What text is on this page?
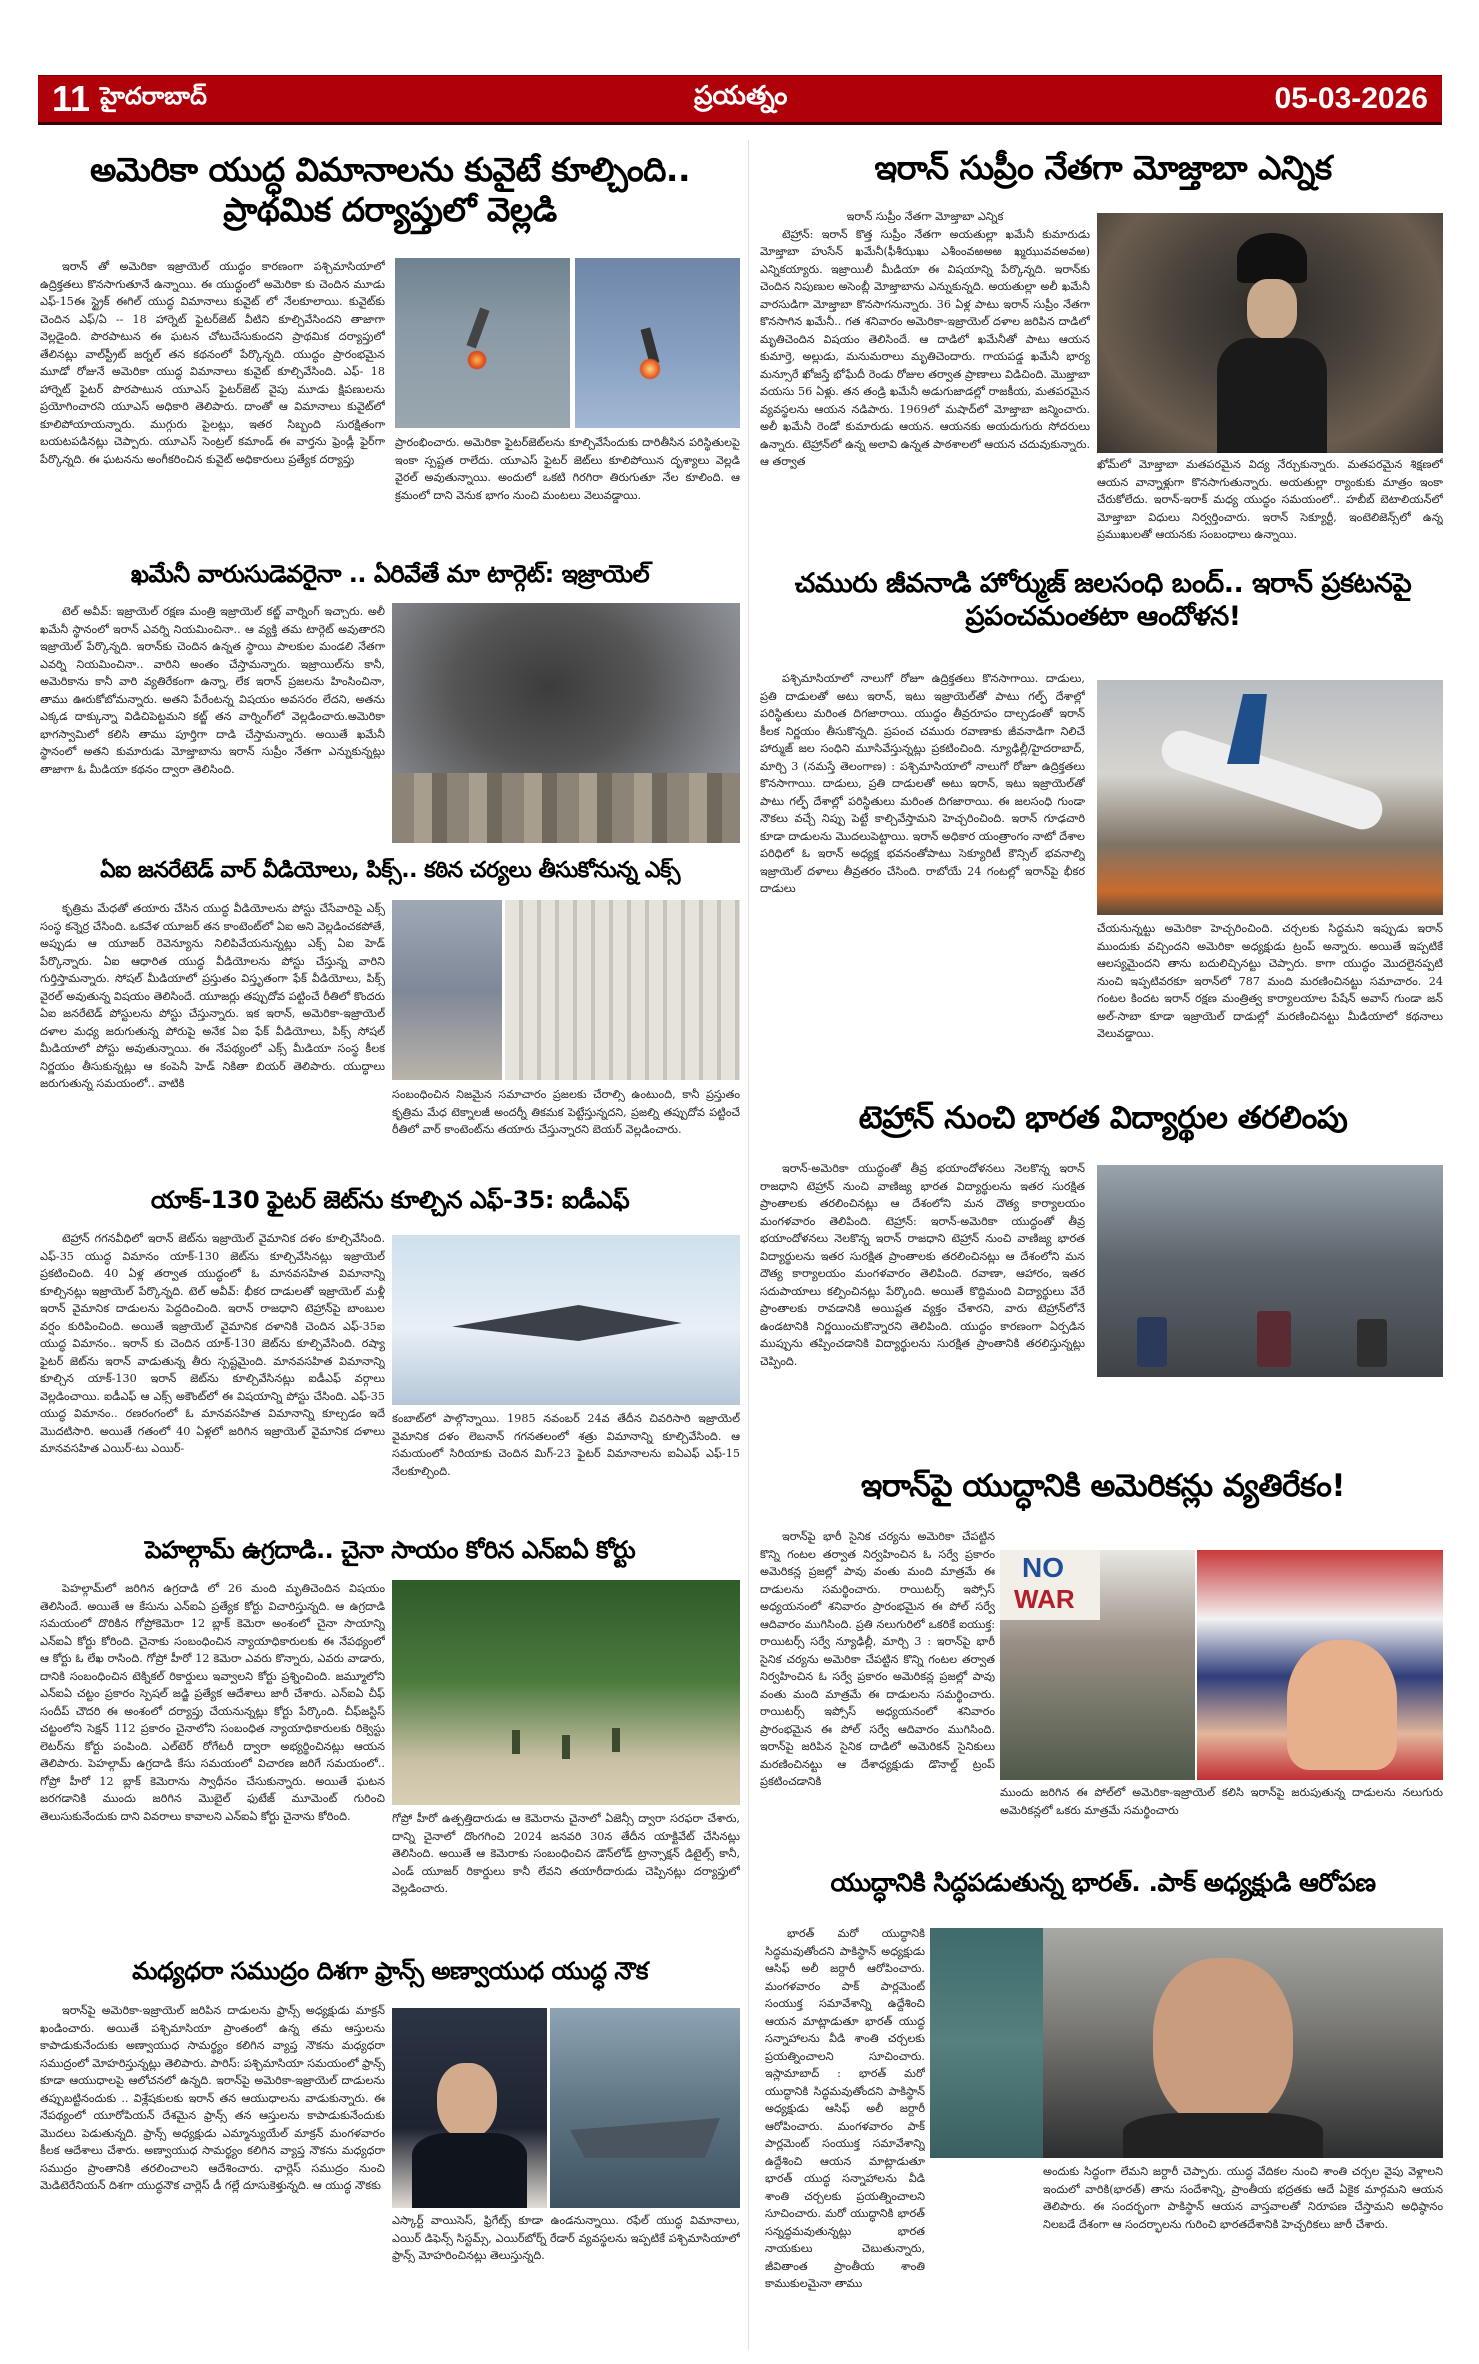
11 హైదరాబాద్	ప్రయత్నం	05-03-2026
అమెరికా యుద్ధ విమానాలను కువైటే కూల్చింది.. ప్రాథమిక దర్యాప్తులో వెల్లడి

ఇరాన్ తో అమెరికా ఇజ్రాయెల్ యుద్ధం కారణంగా పశ్చిమాసియాలో ఉద్రిక్తతలు కొనసాగుతూనే ఉన్నాయి. ఈ యుద్ధంలో అమెరికా కు చెందిన మూడు ఎఫ్-15ఈ స్ట్రైక్ ఈగిల్ యుద్ధ విమానాలు కువైట్ లో నేలకూలాయి. కువైట్‌కు చెందిన ఎఫ్/ఏ -- 18 హార్నెట్ ఫైటర్‌జెట్ వీటిని కూల్చివేసిందని తాజాగా వెల్లడైంది. పొరపాటున ఈ ఘటన చోటుచేసుకుందని ప్రాథమిక దర్యాప్తులో తేలినట్లు వాల్‌స్ట్రీట్ జర్నల్ తన కథనంలో పేర్కొన్నది. యుద్ధం ప్రారంభమైన మూడో రోజునే అమెరికా యుద్ధ విమానాలు కువైట్ కూల్చివేసింది. ఎఫ్- 18 హార్నెట్ ఫైటర్ పొరపాటున యూఎస్ ఫైటర్‌జెట్ వైపు మూడు క్షిపణులను ప్రయోగించారని యూఎస్ అధికారి తెలిపారు. దాంతో ఆ విమానాలు కువైట్‌లో కూలిపోయాయన్నారు. ముగ్గురు పైలట్లు, ఇతర సిబ్బంది సురక్షితంగా బయటపడినట్లు చెప్పారు. యూఎస్ సెంట్రల్ కమాండ్ ఈ వార్తను ఫ్రెండ్లీ ఫైర్‌గా పేర్కొన్నది. ఈ ఘటనను అంగీకరించిన కువైట్ అధికారులు ప్రత్యేక దర్యాప్తు

ప్రారంభించారు. అమెరికా ఫైటర్‌జెట్‌లను కూల్చివేసేందుకు దారితీసిన పరిస్థితులపై ఇంకా స్పష్టత రాలేదు. యూఎస్ ఫైటర్ జెట్‌లు కూలిపోయిన దృశ్యాలు వెల్లడి వైరల్ అవుతున్నాయి. అందులో ఒకటి గిరగిరా తిరుగుతూ నేల కూలింది. ఆ క్రమంలో దాని వెనుక భాగం నుంచి మంటలు వెలువడ్డాయి.
ఇరాన్ సుప్రీం నేతగా మోజ్తాబా ఎన్నిక
ఇరాన్ సుప్రీం నేతగా మోజ్తాబా ఎన్నిక

టెహ్రాన్: ఇరాన్ కొత్త సుప్రీం నేతగా అయతుల్లా ఖమేనీ కుమారుడు మోజ్తాబా హుసేన్ ఖమేనీ(ఫీశీఝఖు ఎశీంంవఱఅఱ ఖ్మఝువవఅవఱ) ఎన్నికయ్యారు. ఇజ్రాయిలీ మీడియా ఈ విషయాన్ని పేర్కొన్నది. ఇరాన్‌కు చెందిన నిపుణుల అసెంబ్లీ మోజ్తాబాను ఎన్నుకున్నది. అయతుల్లా అలీ ఖమేనీ వారసుడిగా మోజ్తాబా కొనసాగనున్నారు. 36 ఏళ్ల పాటు ఇరాన్ సుప్రీం నేతగా కొనసాగిన ఖమేనీ.. గత శనివారం అమెరికా-ఇజ్రాయెల్ దళాల జరిపిన దాడిలో మృతిచెందిన విషయం తెలిసిందే. ఆ దాడిలో ఖమేనీతో పాటు ఆయన కుమార్తె, అల్లుడు, మనుమరాలు మృతిచెందారు. గాయపడ్డ ఖమేనీ భార్య మన్సూరే ఖోజస్తే భోఘేదీ రెండు రోజుల తర్వాత ప్రాణాలు విడిచింది. మొజ్తాబా వయసు 56 ఏళ్లు. తన తండ్రి ఖమేనీ అడుగుజాడల్లో రాజకీయ, మతపరమైన వ్యవస్థలను ఆయన నడిపారు. 1969లో మషాద్‌లో మోజ్తాబా జన్మించారు. అలీ ఖమేనీ రెండో కుమారుడు ఆయన. ఆయనకు అయదుగురు సోదరులు ఉన్నారు. టెహ్రాన్‌లో ఉన్న అలావి ఉన్నత పాఠశాలలో ఆయన చదువుకున్నారు. ఆ తర్వాత	ఖోమ్‌లో మోజ్తాబా మతపరమైన విద్య నేర్చుకున్నారు. మతపరమైన శిక్షణలో ఆయన వాన్నాళ్లుగా కొనసాగుతున్నారు. అయతుల్లా ర్యాంకుకు మాత్రం ఇంకా చేరుకోలేదు. ఇరాన్-ఇరాక్ మధ్య యుద్ధం సమయంలో.. హబీబ్ బెటాలియన్‌లో మోజ్తాబా విధులు నిర్వర్తించారు. ఇరాన్ సెక్యూర్టీ, ఇంటెలిజెన్స్‌లో ఉన్న ప్రముఖులతో ఆయనకు సంబంధాలు ఉన్నాయి.
ఖమేనీ వారుసుడెవరైనా .. ఏరివేతే మా టార్గెట్: ఇజ్రాయెల్

టెల్ అవీవ్: ఇజ్రాయెల్ రక్షణ మంత్రి ఇజ్రాయెల్ కట్జ్ వార్నింగ్ ఇచ్చారు. అలీ ఖమేనీ స్థానంలో ఇరాన్ ఎవర్ని నియమించినా.. ఆ వ్యక్తి తమ టార్గెట్ అవుతారని ఇజ్రాయెల్ పేర్కొన్నది. ఇరాన్‌కు చెందిన ఉన్నత స్థాయి పాలకుల మండలి నేతగా ఎవర్ని నియమించినా.. వారిని అంతం చేస్తామన్నారు. ఇజ్రాయిల్‌ను కానీ, అమెరికాను కానీ వారి వ్యతిరేకంగా ఉన్నా, లేక ఇరాన్ ప్రజలను హింసించినా, తాము ఊరుకోబోమన్నారు. అతని పేరేంటన్న విషయం అవసరం లేదని, అతను ఎక్కడ దాక్కున్నా విడిచిపెట్టమని కట్జ్ తన వార్నింగ్‌లో వెల్లడించారు.అమెరికా భాగస్వామిలో కలిసి తాము పూర్తిగా దాడి చేస్తామన్నారు. అయితే ఖమేనీ స్థానంలో అతని కుమారుడు మోజ్తాబాను ఇరాన్ సుప్రీం నేతగా ఎన్నుకున్నట్లు తాజాగా ఓ మీడియా కథనం ద్వారా తెలిసింది.

చమురు జీవనాడి హోర్ముజ్ జలసంధి బంద్.. ఇరాన్ ప్రకటనపై ప్రపంచమంతటా ఆందోళన!

పశ్చిమాసియాలో నాలుగో రోజూ ఉద్రిక్తతలు కొనసాగాయి. దాడులు, ప్రతి దాడులతో అటు ఇరాన్, ఇటు ఇజ్రాయెల్‌తో పాటు గల్ఫ్ దేశాల్లో పరిస్థితులు మరింత దిగజారాయి. యుద్ధం తీవ్రరూపం దాల్చడంతో ఇరాన్ కీలక నిర్ణయం తీసుకొన్నది. ప్రపంచ చమురు రవాణాకు జీవనాడిగా నిలిచే హార్ముజ్ జల సంధిని మూసివేస్తున్నట్లు ప్రకటించింది. న్యూఢిల్లీ/హైదరాబాద్, మార్చి 3 (నమస్తే తెలంగాణ) : పశ్చిమాసియాలో నాలుగో రోజూ ఉద్రిక్తతలు కొనసాగాయి. దాడులు, ప్రతి దాడులతో అటు ఇరాన్, ఇటు ఇజ్రాయెల్‌తో పాటు గల్ఫ్ దేశాల్లో పరిస్థితులు మరింత దిగజారాయి. ఈ జలసంధి గుండా నౌకలు వచ్చే నిప్పు పెట్టే కాల్చివేస్తామని హెచ్చరించింది. ఇరాన్ గూఢచారి కూడా దాడులను మొదలుపెట్టాయి. ఇరాన్ అధికార యంత్రాంగం నాటో దేశాల పరిధిలో ఓ ఇరాన్ అధ్యక్ష భవనంతోపాటు సెక్యూరిటీ కౌన్సిల్ భవనాల్ని ఇజ్రాయెల్ దళాలు తీవ్రతరం చేసింది. రాబోయే 24 గంటల్లో ఇరాన్‌పై భీకర దాడులు

చేయనున్నట్టు అమెరికా హెచ్చరించింది. చర్చలకు సిద్ధమని ఇప్పుడు ఇరాన్ ముందుకు వచ్చిందని అమెరికా అధ్యక్షుడు ట్రంప్ అన్నారు. అయితే ఇప్పటికే ఆలస్యమైందని తాను బదులిచ్చినట్టు చెప్పారు. కాగా యుద్ధం మొదలైనప్పటి నుంచి ఇప్పటివరకూ ఇరాన్‌లో 787 మంది మరణించినట్టు సమాచారం. 24 గంటల కిందట ఇరాన్ రక్షణ మంత్రిత్వ కార్యాలయాల పేషేన్ అవాస్ గుండా జన్ అల్-సాబా కూడా ఇజ్రాయెల్ దాడుల్లో మరణించినట్టు మీడియాలో కథనాలు వెలువడ్డాయి.
ఏఐ జనరేటెడ్ వార్ వీడియోలు, పిక్స్.. కఠిన చర్యలు తీసుకోనున్న ఎక్స్

కృత్రిమ మేధతో తయారు చేసిన యుద్ధ వీడియోలను పోస్టు చేసేవారిపై ఎక్స్ సంస్థ కన్నెర్ర చేసింది. ఒకవేళ యూజర్ తన కాంటెంట్‌లో ఏఐ అని వెల్లడించకపోతే, అప్పుడు ఆ యూజర్ రెవెన్యూను నిలిపివేయనున్నట్లు ఎక్స్ ఏఐ హెడ్ పేర్కొన్నారు. ఏఐ ఆధారిత యుద్ధ వీడియోలను పోస్టు చేస్తున్న వారిని గుర్తిస్తామన్నారు. సోషల్ మీడియాలో ప్రస్తుతం విస్తృతంగా ఫేక్ వీడియోలు, పిక్స్ వైరల్ అవుతున్న విషయం తెలిసిందే. యూజర్లు తప్పుదోవ పట్టించే రీతిలో కొందరు ఏఐ జనరేటెడ్ పోస్టులను పోస్టు చేస్తున్నారు. ఇక ఇరాన్, అమెరికా-ఇజ్రాయెల్ దళాల మధ్య జరుగుతున్న పోరుపై అనేక ఏఐ ఫేక్ వీడియోలు, పిక్స్ సోషల్ మీడియాలో పోస్టు అవుతున్నాయి. ఈ నేపథ్యంలో ఎక్స్ మీడియా సంస్థ కీలక నిర్ణయం తీసుకున్నట్లు ఆ కంపెనీ హెడ్ నికితా బియర్ తెలిపారు. యుద్ధాలు జరుగుతున్న సమయంలో.. వాటికి

సంబంధించిన నిజమైన సమాచారం ప్రజలకు చేరాల్సి ఉంటుంది, కానీ ప్రస్తుతం కృత్రిమ మేధ టెక్నాలజీ అందర్నీ తికమక పెట్టేస్తున్నదని, ప్రజల్ని తప్పుదోవ పట్టించే రీతిలో వార్ కాంటెంట్‌ను తయారు చేస్తున్నారని బెయర్ వెల్లడించారు.	టెహ్రాన్ నుంచి భారత విద్యార్థుల తరలింపు

ఇరాన్-అమెరికా యుద్ధంతో తీవ్ర భయాందోళనలు నెలకొన్న ఇరాన్ రాజధాని టెహ్రాన్ నుంచి వాణిజ్య భారత విద్యార్థులను ఇతర సురక్షిత ప్రాంతాలకు తరలించినట్లు ఆ దేశంలోని మన దౌత్య కార్యాలయం మంగళవారం తెలిపింది. టెహ్రాన్: ఇరాన్-అమెరికా యుద్ధంతో తీవ్ర భయాందోళనలు నెలకొన్న ఇరాన్ రాజధాని టెహ్రాన్ నుంచి వాణిజ్య భారత విద్యార్థులను ఇతర సురక్షిత ప్రాంతాలకు తరలించినట్లు ఆ దేశంలోని మన దౌత్య కార్యాలయం మంగళవారం తెలిపింది. రవాణా, ఆహారం, ఇతర సదుపాయాలు కల్పించినట్లు పేర్కొంది. అయితే కొద్దిమంది విద్యార్థులు వేరే ప్రాంతాలకు రావడానికి అయిష్టత వ్యక్తం చేశారని, వారు టెహ్రాన్‌లోనే ఉండటానికి నిర్ణయించుకొన్నారని తెలిపింది. యుద్ధం కారణంగా ఏర్పడిన ముప్పును తప్పించడానికి విద్యార్థులను సురక్షిత ప్రాంతానికి తరలిస్తున్నట్లు చెప్పింది.

యాక్-130 ఫైటర్ జెట్‌ను కూల్చిన ఎఫ్-35: ఐడీఎఫ్

టెహ్రాన్ గగనవీధిలో ఇరాన్ జెట్‌ను ఇజ్రాయెల్ వైమానిక దళం కూల్చివేసింది. ఎఫ్-35 యుద్ధ విమానం యాక్-130 జెట్‌ను కూల్చివేసినట్లు ఇజ్రాయెల్ ప్రకటించింది. 40 ఏళ్ల తర్వాత యుద్ధంలో ఓ మానవసహిత విమానాన్ని కూల్చినట్లు ఇజ్రాయెల్ పేర్కొన్నది. టెల్ అవీవ్: భీకర దాడులతో ఇజ్రాయెల్ మళ్లీ ఇరాన్ వైమానిక దాడులను పెద్దదించింది. ఇరాన్ రాజధాని టెహ్రాన్‌పై బాంబుల వర్షం కురిపించింది. అయితే ఇజ్రాయెల్ వైమానిక దళానికి చెందిన ఎఫ్-35ఐ యుద్ధ విమానం.. ఇరాన్ కు చెందిన యాక్-130 జెట్‌ను కూల్చివేసింది. రష్యా ఫైటర్ జెట్‌ను ఇరాన్ వాడుతున్న తీరు స్పష్టమైంది. మానవసహిత విమానాన్ని కూల్చిన యాక్-130 ఇరాన్ జెట్‌ను కూల్చివేసినట్లు ఐడీఎఫ్ వర్గాలు వెల్లడించాయి. ఐడీఎఫ్ ఆ ఎక్స్ అకౌంట్‌లో ఈ విషయాన్ని పోస్టు చేసింది. ఎఫ్-35 యుద్ధ విమానం.. రణరంగంలో ఓ మానవసహిత విమానాన్ని కూల్చడం ఇదే మొదటిసారి. అయితే గతంలో 40 ఏళ్లలో జరిగిన ఇజ్రాయెల్ వైమానిక దళాలు మానవసహిత ఎయిర్-టు ఎయిర్-

కంబాట్‌లో పాల్గొన్నాయి. 1985 నవంబర్ 24వ తేదీన చివరిసారి ఇజ్రాయెల్ వైమానిక దళం లెబనాన్ గగనతలంలో శత్రు విమానాన్ని కూల్చివేసింది. ఆ సమయంలో సిరియాకు చెందిన మిగ్-23 ఫైటర్ విమానాలను ఐఏఎఫ్ ఎఫ్-15 నేలకూల్చింది.	ఇరాన్‌పై యుద్ధానికి అమెరికన్లు వ్యతిరేకం!

ఇరాన్‌పై భారీ సైనిక చర్యను అమెరికా చేపట్టిన కొన్ని గంటల తర్వాత నిర్వహించిన ఓ సర్వే ప్రకారం అమెరికన్ల ప్రజల్లో పావు వంతు మంది మాత్రమే ఈ దాడులను సమర్థించారు. రాయిటర్స్ ఇప్సోస్ అధ్యయనంలో శనివారం ప్రారంభమైన ఈ పోల్ సర్వే ఆదివారం ముగిసింది. ప్రతి నలుగురిలో ఒకరికే ఐయుక్త: రాయిటర్స్ సర్వే న్యూఢిల్లీ, మార్చి 3 : ఇరాన్‌పై భారీ సైనిక చర్యను అమెరికా చేపట్టిన కొన్ని గంటల తర్వాత నిర్వహించిన ఓ సర్వే ప్రకారం అమెరికన్ల ప్రజల్లో పావు వంతు మంది మాత్రమే ఈ దాడులను సమర్థించారు. రాయిటర్స్ ఇప్సోస్ అధ్యయనంలో శనివారం ప్రారంభమైన ఈ పోల్ సర్వే ఆదివారం ముగిసింది. ఇరాన్‌పై జరిపిన సైనిక దాడిలో అమెరికన్ సైనికులు మరణించినట్టు ఆ దేశాధ్యక్షుడు డొనాల్డ్ ట్రంప్ ప్రకటించడానికి

NO
WAR
ముందు జరిగిన ఈ పోల్‌లో అమెరికా-ఇజ్రాయెల్ కలిసి ఇరాన్‌పై జరుపుతున్న దాడులను నలుగురు అమెరికన్లలో ఒకరు మాత్రమే సమర్థించారు
పెహల్గామ్ ఉగ్రదాడి.. చైనా సాయం కోరిన ఎన్ఐఏ కోర్టు

పెహల్గామ్‌లో జరిగిన ఉగ్రదాడి లో 26 మంది మృతిచెందిన విషయం తెలిసిందే. అయితే ఆ కేసును ఎన్ఐఏ ప్రత్యేక కోర్టు విచారిస్తున్నది. ఆ ఉగ్రదాడి సమయంలో దొరికిన గోప్రోకెమెరా 12 బ్లాక్ కెమెరా అంశంలో చైనా సాయాన్ని ఎన్ఐఏ కోర్టు కోరింది. చైనాకు సంబంధించిన న్యాయాధికారులకు ఈ నేపథ్యంలో ఆ కోర్టు ఓ లేఖ రాసింది. గోప్రో హీరో 12 కెమెరా ఎవరు కొన్నారు, ఎవరు వాడారు, దానికి సంబంధించిన టెక్నికల్ రికార్డులు ఇవ్వాలని కోర్టు ప్రశ్నించింది. జమ్మూలోని ఎన్ఐఏ చట్టం ప్రకారం స్పెషల్ జడ్జి ప్రత్యేక ఆదేశాలు జారీ చేశారు. ఎన్ఐఏ చీఫ్ సందీప్ చౌదరి ఈ అంశంలో దర్యాప్తు చేయనున్నట్లు కోర్టు పేర్కొంది. చీఫ్‌జస్టిస్ చట్టంలోని సెక్షన్ 112 ప్రకారం చైనాలోని సంబంధిత న్యాయాధికారులకు రిక్వెస్టు లెటర్‌ను కోర్టు పంపింది. ఎల్‌టెర్ రోగేటరీ ద్వారా అభ్యర్థించినట్లు ఆయన తెలిపారు. పెహల్గామ్ ఉగ్రదాడి కేసు సమయంలో విచారణ జరిగే సమయంలో.. గోప్రో హీరో 12 బ్లాక్ కెమెరాను స్వాధీనం చేసుకున్నారు. అయితే ఘటన జరగడానికి ముందు జరిగిన మొబైల్ ఫుటేజ్ మూమెంట్ గురించి తెలుసుకునేందుకు దాని వివరాలు కావాలని ఎన్ఐఏ కోర్టు చైనాను కోరింది.	గోప్రో హీరో ఉత్పత్తిదారుడు ఆ కెమెరాను చైనాలో ఏజెన్సీ ద్వారా సరఫరా చేశారు, దాన్ని చైనాలో దొంగగించి 2024 జనవరి 30న తేదీన యాక్టివేట్ చేసినట్లు తెలిసింది. అయితే ఆ కెమెరాకు సంబంధించిన డౌన్‌లోడ్ ట్రాన్సాక్షన్ డిటైల్స్ కానీ, ఎండ్ యూజర్ రికార్డులు కానీ లేవని తయారీదారుడు చెప్పినట్లు దర్యాప్తులో వెల్లడించారు.	యుద్ధానికి సిద్ధపడుతున్న భారత్. .పాక్ అధ్యక్షుడి ఆరోపణ

భారత్ మరో యుద్ధానికి సిద్ధమవుతోందని పాకిస్థాన్ అధ్యక్షుడు ఆసిఫ్ అలీ జర్దారీ ఆరోపించారు. మంగళవారం పాక్ పార్లమెంట్ సంయుక్త సమావేశాన్ని ఉద్దేశించి ఆయన మాట్లాడుతూ భారత్ యుద్ధ సన్నాహాలను వీడి శాంతి చర్చలకు ప్రయత్నించాలని సూచించారు. ఇస్లామాబాద్ : భారత్ మరో యుద్ధానికి సిద్ధమవుతోందని పాకిస్థాన్ అధ్యక్షుడు ఆసిఫ్ అలీ జర్దారీ ఆరోపించారు. మంగళవారం పాక్ పార్లమెంట్ సంయుక్త సమావేశాన్ని ఉద్దేశించి ఆయన మాట్లాడుతూ భారత్ యుద్ధ సన్నాహాలను వీడి శాంతి చర్చలకు ప్రయత్నించాలని సూచించారు. మరో యుద్ధానికి భారత్ సన్నద్ధమవుతున్నట్లు భారత నాయకులు చెబుతున్నారు, జీవితాంత ప్రాంతీయ శాంతి కాముకులమైనా తాము

అందుకు సిద్ధంగా లేమని జర్దారీ చెప్పారు. యుద్ధ వేదికల నుంచి శాంతి చర్చల వైపు వెళ్లాలని ఇందులో వారికి(భారత్) తాను సందేశాన్ని, ప్రాంతీయ భద్రతకు ఆదే ఏకైక మార్గమని ఆయన తెలిపారు. ఈ సందర్భంగా పాకిస్థాన్ ఆయన వాస్తవాలతో నిరూపణ చేస్తామని అధిష్ఠానం నిలబడే దేశంగా ఆ సందర్భాలను గురించి భారతదేశానికి హెచ్చరికలు జారీ చేశారు.
మధ్యధరా సముద్రం దిశగా ఫ్రాన్స్ అణ్వాయుధ యుద్ధ నౌక

ఇరాన్‌పై అమెరికా-ఇజ్రాయెల్ జరిపిన దాడులను ఫ్రాన్స్ అధ్యక్షుడు మాక్రన్ ఖండించారు. అయితే పశ్చిమాసియా ప్రాంతంలో ఉన్న తమ ఆస్తులను కాపాడుకునేందుకు అణ్వాయుధ సామర్థ్యం కలిగిన వ్యాప్త నౌకను మధ్యధరా సముద్రంలో మోహరిస్తున్నట్లు తెలిపారు. పారిస్: పశ్చిమాసియా సమయంలో ఫ్రాన్స్ కూడా ఆయుధాలపై ఆలోచనలో ఉన్నది. ఇరాన్‌పై అమెరికా-ఇజ్రాయెల్ దాడులను తప్పుబట్టినందుకు .. విశ్లేషకులకు ఇరాన్ తన ఆయుధాలను వాడుకున్నారు. ఈ నేపథ్యంలో యూరోపియన్ దేశమైన ఫ్రాన్స్ తన ఆస్తులను కాపాడుకునేందుకు మొదలు పెడుతున్నది. ఫ్రాన్స్ అధ్యక్షుడు ఎమ్మాన్యుయేల్ మాక్రన్ మంగళవారం కీలక ఆదేశాలు చేశారు. అణ్వాయుధ సామర్థ్యం కలిగిన వ్యాప్త నౌకను మధ్యధరా సముద్రం ప్రాంతానికి తరలించాలని ఆదేశించారు. ఛార్లెస్ సముద్రం నుంచి మెడిటెరేనియన్ దిశగా యుద్ధనౌక చార్లెస్ డీ గల్లే దూసుకెళ్తున్నది. ఆ యుద్ధ నౌకకు

ఎస్కార్ట్ వాయిసెస్, ఫ్రిగేట్స్ కూడా ఉండనున్నాయి. రఫేల్ యుద్ధ విమానాలు, ఎయిర్ డిఫెన్స్ సిస్టమ్స్, ఎయిర్‌బోర్న్ రేడార్ వ్యవస్థలను ఇప్పటికే పశ్చిమాసియాలో ఫ్రాన్స్ మోహరించినట్లు తెలుస్తున్నది.
